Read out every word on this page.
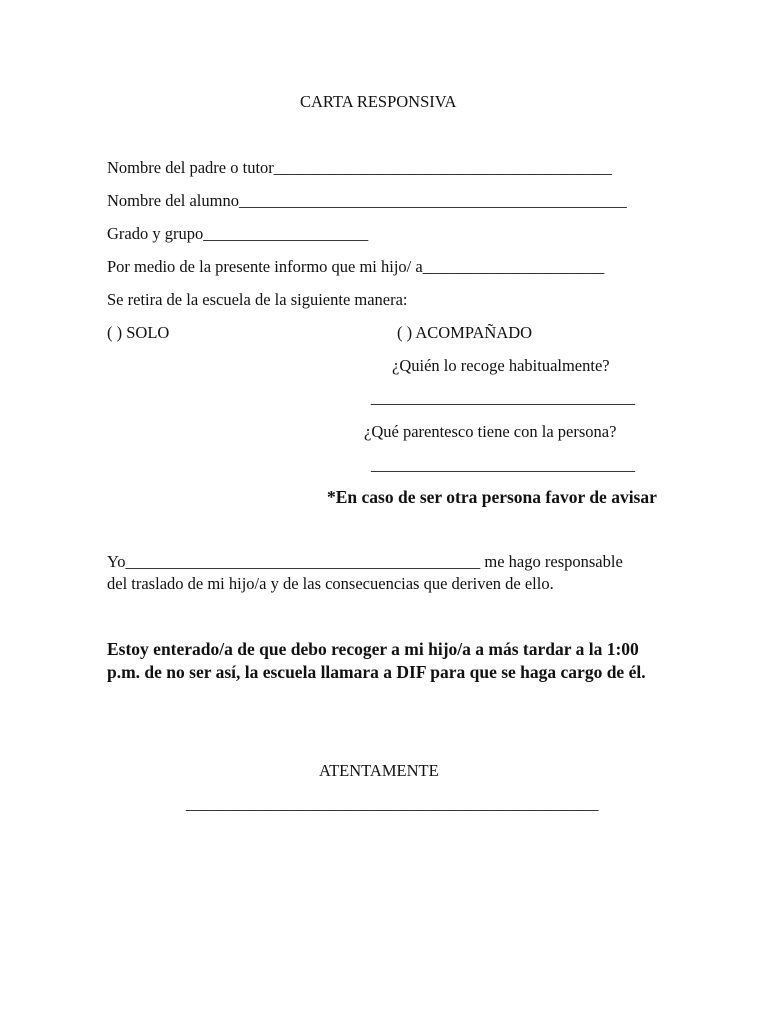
CARTA RESPONSIVA
Nombre del padre o tutor_________________________________________
Nombre del alumno_______________________________________________
Grado y grupo____________________
Por medio de la presente informo que mi hijo/ a______________________
Se retira de la escuela de la siguiente manera:
( ) SOLO	( ) ACOMPAÑADO
¿Quién lo recoge habitualmente?
________________________________
¿Qué parentesco tiene con la persona?
________________________________
*En caso de ser otra persona favor de avisar
Yo___________________________________________ me hago responsable
del traslado de mi hijo/a y de las consecuencias que deriven de ello.
Estoy enterado/a de que debo recoger a mi hijo/a a más tardar a la 1:00
p.m. de no ser así, la escuela llamara a DIF para que se haga cargo de él.
ATENTAMENTE
__________________________________________________
